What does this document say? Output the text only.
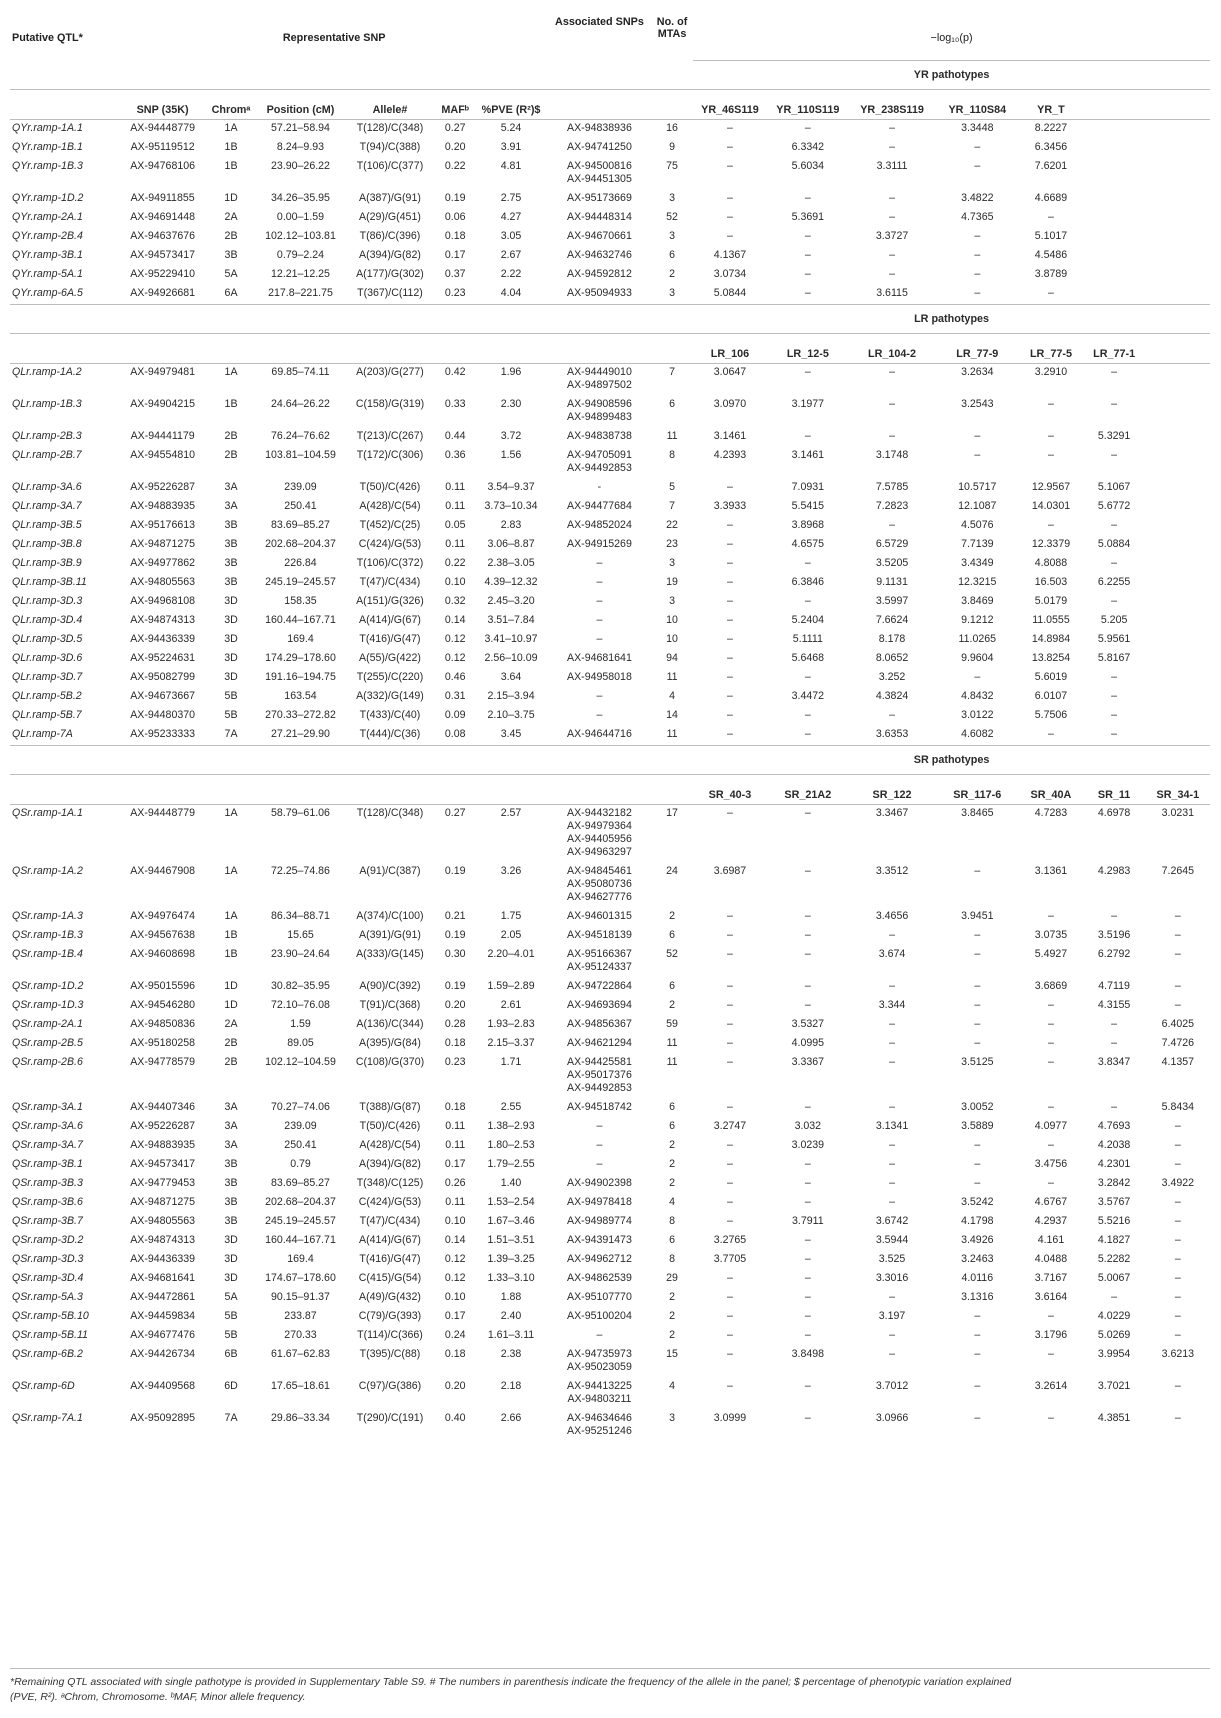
Putative QTL*	Representative SNP						Associated SNPs	No. of MTAs	−log₁₀(p)						
									YR pathotypes						
	SNP (35K)	Chromᵃ	Position (cM)	Allele#	MAFᵇ	%PVE (R²)$			YR_46S119	YR_110S119	YR_238S119	YR_110S84	YR_T		
QYr.ramp-1A.1	AX-94448779	1A	57.21–58.94	T(128)/C(348)	0.27	5.24	AX-94838936	16	–	–	–	3.3448	8.2227		

QYr.ramp-1B.1	AX-95119512	1B	8.24–9.93	T(94)/C(388)	0.20	3.91	AX-94741250	9	–	6.3342	–	–	6.3456		

QYr.ramp-1B.3	AX-94768106	1B	23.90–26.22	T(106)/C(377)	0.22	4.81	AX-94500816
AX-94451305	75	–	5.6034	3.3111	–	7.6201		

QYr.ramp-1D.2	AX-94911855	1D	34.26–35.95	A(387)/G(91)	0.19	2.75	AX-95173669	3	–	–	–	3.4822	4.6689		

QYr.ramp-2A.1	AX-94691448	2A	0.00–1.59	A(29)/G(451)	0.06	4.27	AX-94448314	52	–	5.3691	–	4.7365	–		

QYr.ramp-2B.4	AX-94637676	2B	102.12–103.81	T(86)/C(396)	0.18	3.05	AX-94670661	3	–	–	3.3727	–	5.1017		

QYr.ramp-3B.1	AX-94573417	3B	0.79–2.24	A(394)/G(82)	0.17	2.67	AX-94632746	6	4.1367	–	–	–	4.5486		

QYr.ramp-5A.1	AX-95229410	5A	12.21–12.25	A(177)/G(302)	0.37	2.22	AX-94592812	2	3.0734	–	–	–	3.8789		

QYr.ramp-6A.5	AX-94926681	6A	217.8–221.75	T(367)/C(112)	0.23	4.04	AX-95094933	3	5.0844	–	3.6115	–	–		

									LR pathotypes						
									LR_106	LR_12-5	LR_104-2	LR_77-9	LR_77-5	LR_77-1	
QLr.ramp-1A.2	AX-94979481	1A	69.85–74.11	A(203)/G(277)	0.42	1.96	AX-94449010
AX-94897502	7	3.0647	–	–	3.2634	3.2910	–	

QLr.ramp-1B.3	AX-94904215	1B	24.64–26.22	C(158)/G(319)	0.33	2.30	AX-94908596
AX-94899483	6	3.0970	3.1977	–	3.2543	–	–	

QLr.ramp-2B.3	AX-94441179	2B	76.24–76.62	T(213)/C(267)	0.44	3.72	AX-94838738	11	3.1461	–	–	–	–	5.3291	

QLr.ramp-2B.7	AX-94554810	2B	103.81–104.59	T(172)/C(306)	0.36	1.56	AX-94705091
AX-94492853	8	4.2393	3.1461	3.1748	–	–	–	

QLr.ramp-3A.6	AX-95226287	3A	239.09	T(50)/C(426)	0.11	3.54–9.37	-	5	–	7.0931	7.5785	10.5717	12.9567	5.1067	

QLr.ramp-3A.7	AX-94883935	3A	250.41	A(428)/C(54)	0.11	3.73–10.34	AX-94477684	7	3.3933	5.5415	7.2823	12.1087	14.0301	5.6772	

QLr.ramp-3B.5	AX-95176613	3B	83.69–85.27	T(452)/C(25)	0.05	2.83	AX-94852024	22	–	3.8968	–	4.5076	–	–	

QLr.ramp-3B.8	AX-94871275	3B	202.68–204.37	C(424)/G(53)	0.11	3.06–8.87	AX-94915269	23	–	4.6575	6.5729	7.7139	12.3379	5.0884	

QLr.ramp-3B.9	AX-94977862	3B	226.84	T(106)/C(372)	0.22	2.38–3.05	–	3	–	–	3.5205	3.4349	4.8088	–	

QLr.ramp-3B.11	AX-94805563	3B	245.19–245.57	T(47)/C(434)	0.10	4.39–12.32	–	19	–	6.3846	9.1131	12.3215	16.503	6.2255	

QLr.ramp-3D.3	AX-94968108	3D	158.35	A(151)/G(326)	0.32	2.45–3.20	–	3	–	–	3.5997	3.8469	5.0179	–	

QLr.ramp-3D.4	AX-94874313	3D	160.44–167.71	A(414)/G(67)	0.14	3.51–7.84	–	10	–	5.2404	7.6624	9.1212	11.0555	5.205	

QLr.ramp-3D.5	AX-94436339	3D	169.4	T(416)/G(47)	0.12	3.41–10.97	–	10	–	5.1111	8.178	11.0265	14.8984	5.9561	

QLr.ramp-3D.6	AX-95224631	3D	174.29–178.60	A(55)/G(422)	0.12	2.56–10.09	AX-94681641	94	–	5.6468	8.0652	9.9604	13.8254	5.8167	

QLr.ramp-3D.7	AX-95082799	3D	191.16–194.75	T(255)/C(220)	0.46	3.64	AX-94958018	11	–	–	3.252	–	5.6019	–	

QLr.ramp-5B.2	AX-94673667	5B	163.54	A(332)/G(149)	0.31	2.15–3.94	–	4	–	3.4472	4.3824	4.8432	6.0107	–	

QLr.ramp-5B.7	AX-94480370	5B	270.33–272.82	T(433)/C(40)	0.09	2.10–3.75	–	14	–	–	–	3.0122	5.7506	–	

QLr.ramp-7A	AX-95233333	7A	27.21–29.90	T(444)/C(36)	0.08	3.45	AX-94644716	11	–	–	3.6353	4.6082	–	–	

									SR pathotypes						
									SR_40-3	SR_21A2	SR_122	SR_117-6	SR_40A	SR_11	SR_34-1
QSr.ramp-1A.1	AX-94448779	1A	58.79–61.06	T(128)/C(348)	0.27	2.57	AX-94432182
AX-94979364
AX-94405956
AX-94963297	17	–	–	3.3467	3.8465	4.7283	4.6978	3.0231

QSr.ramp-1A.2	AX-94467908	1A	72.25–74.86	A(91)/C(387)	0.19	3.26	AX-94845461
AX-95080736
AX-94627776	24	3.6987	–	3.3512	–	3.1361	4.2983	7.2645

QSr.ramp-1A.3	AX-94976474	1A	86.34–88.71	A(374)/C(100)	0.21	1.75	AX-94601315	2	–	–	3.4656	3.9451	–	–	–

QSr.ramp-1B.3	AX-94567638	1B	15.65	A(391)/G(91)	0.19	2.05	AX-94518139	6	–	–	–	–	3.0735	3.5196	–

QSr.ramp-1B.4	AX-94608698	1B	23.90–24.64	A(333)/G(145)	0.30	2.20–4.01	AX-95166367
AX-95124337	52	–	–	3.674	–	5.4927	6.2792	–

QSr.ramp-1D.2	AX-95015596	1D	30.82–35.95	A(90)/C(392)	0.19	1.59–2.89	AX-94722864	6	–	–	–	–	3.6869	4.7119	–

QSr.ramp-1D.3	AX-94546280	1D	72.10–76.08	T(91)/C(368)	0.20	2.61	AX-94693694	2	–	–	3.344	–	–	4.3155	–

QSr.ramp-2A.1	AX-94850836	2A	1.59	A(136)/C(344)	0.28	1.93–2.83	AX-94856367	59	–	3.5327	–	–	–	–	6.4025

QSr.ramp-2B.5	AX-95180258	2B	89.05	A(395)/G(84)	0.18	2.15–3.37	AX-94621294	11	–	4.0995	–	–	–	–	7.4726

QSr.ramp-2B.6	AX-94778579	2B	102.12–104.59	C(108)/G(370)	0.23	1.71	AX-94425581
AX-95017376
AX-94492853	11	–	3.3367	–	3.5125	–	3.8347	4.1357

QSr.ramp-3A.1	AX-94407346	3A	70.27–74.06	T(388)/G(87)	0.18	2.55	AX-94518742	6	–	–	–	3.0052	–	–	5.8434

QSr.ramp-3A.6	AX-95226287	3A	239.09	T(50)/C(426)	0.11	1.38–2.93	–	6	3.2747	3.032	3.1341	3.5889	4.0977	4.7693	–

QSr.ramp-3A.7	AX-94883935	3A	250.41	A(428)/C(54)	0.11	1.80–2.53	–	2	–	3.0239	–	–	–	4.2038	–

QSr.ramp-3B.1	AX-94573417	3B	0.79	A(394)/G(82)	0.17	1.79–2.55	–	2	–	–	–	–	3.4756	4.2301	–

QSr.ramp-3B.3	AX-94779453	3B	83.69–85.27	T(348)/C(125)	0.26	1.40	AX-94902398	2	–	–	–	–	–	3.2842	3.4922

QSr.ramp-3B.6	AX-94871275	3B	202.68–204.37	C(424)/G(53)	0.11	1.53–2.54	AX-94978418	4	–	–	–	3.5242	4.6767	3.5767	–

QSr.ramp-3B.7	AX-94805563	3B	245.19–245.57	T(47)/C(434)	0.10	1.67–3.46	AX-94989774	8	–	3.7911	3.6742	4.1798	4.2937	5.5216	–

QSr.ramp-3D.2	AX-94874313	3D	160.44–167.71	A(414)/G(67)	0.14	1.51–3.51	AX-94391473	6	3.2765	–	3.5944	3.4926	4.161	4.1827	–

QSr.ramp-3D.3	AX-94436339	3D	169.4	T(416)/G(47)	0.12	1.39–3.25	AX-94962712	8	3.7705	–	3.525	3.2463	4.0488	5.2282	–

QSr.ramp-3D.4	AX-94681641	3D	174.67–178.60	C(415)/G(54)	0.12	1.33–3.10	AX-94862539	29	–	–	3.3016	4.0116	3.7167	5.0067	–

QSr.ramp-5A.3	AX-94472861	5A	90.15–91.37	A(49)/G(432)	0.10	1.88	AX-95107770	2	–	–	–	3.1316	3.6164	–	–

QSr.ramp-5B.10	AX-94459834	5B	233.87	C(79)/G(393)	0.17	2.40	AX-95100204	2	–	–	3.197	–	–	4.0229	–

QSr.ramp-5B.11	AX-94677476	5B	270.33	T(114)/C(366)	0.24	1.61–3.11	–	2	–	–	–	–	3.1796	5.0269	–

QSr.ramp-6B.2	AX-94426734	6B	61.67–62.83	T(395)/C(88)	0.18	2.38	AX-94735973
AX-95023059	15	–	3.8498	–	–	–	3.9954	3.6213

QSr.ramp-6D	AX-94409568	6D	17.65–18.61	C(97)/G(386)	0.20	2.18	AX-94413225
AX-94803211	4	–	–	3.7012	–	3.2614	3.7021	–

QSr.ramp-7A.1	AX-95092895	7A	29.86–33.34	T(290)/C(191)	0.40	2.66	AX-94634646
AX-95251246	3	3.0999	–	3.0966	–	–	4.3851	–

*Remaining QTL associated with single pathotype is provided in Supplementary Table S9. # The numbers in parenthesis indicate the frequency of the allele in the panel; $ percentage of phenotypic variation explained
(PVE, R²). ᵃChrom, Chromosome. ᵇMAF, Minor allele frequency.
